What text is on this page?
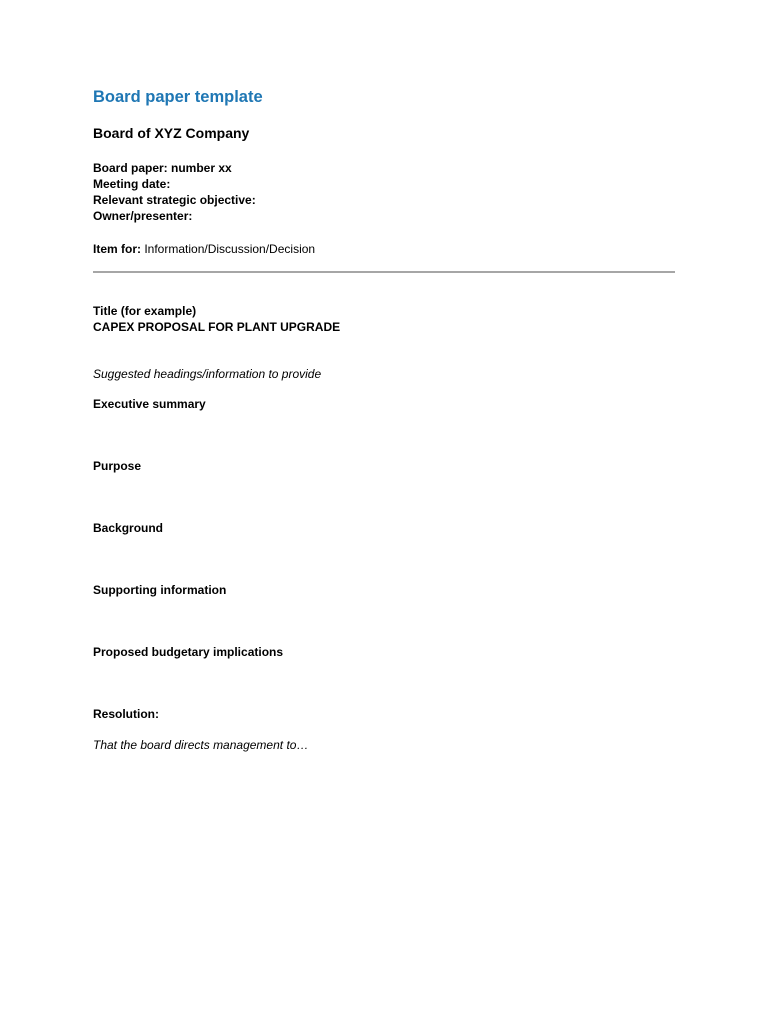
Board paper template
Board of XYZ Company
Board paper: number xx
Meeting date:
Relevant strategic objective:
Owner/presenter:
Item for: Information/Discussion/Decision
Title (for example)
CAPEX PROPOSAL FOR PLANT UPGRADE
Suggested headings/information to provide
Executive summary
Purpose
Background
Supporting information
Proposed budgetary implications
Resolution:
That the board directs management to…
